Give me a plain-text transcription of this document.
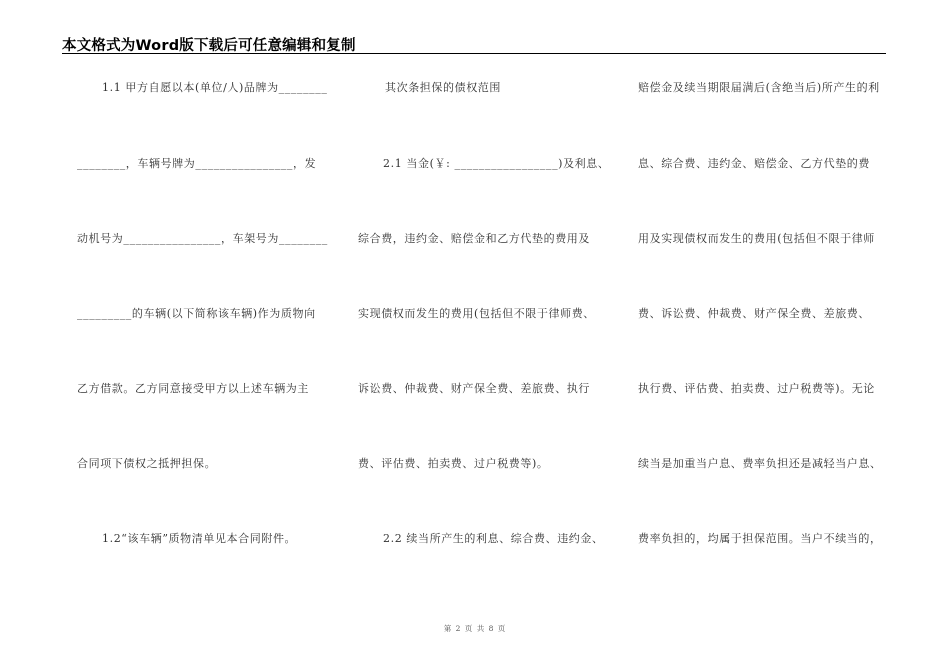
本文格式为Word版下载后可任意编辑和复制
1.1 甲方自愿以本(单位/人)品牌为________
________，车辆号牌为________________，发
动机号为________________，车架号为________
_________的车辆(以下简称该车辆)作为质物向
乙方借款。乙方同意接受甲方以上述车辆为主
合同项下债权之抵押担保。
1.2“该车辆”质物清单见本合同附件。
其次条担保的债权范围
2.1 当金(￥: _________________)及利息、
综合费，违约金、赔偿金和乙方代垫的费用及
实现债权而发生的费用(包括但不限于律师费、
诉讼费、仲裁费、财产保全费、差旅费、执行
费、评估费、拍卖费、过户税费等)。
2.2 续当所产生的利息、综合费、违约金、
赔偿金及续当期限届满后(含绝当后)所产生的利
息、综合费、违约金、赔偿金、乙方代垫的费
用及实现债权而发生的费用(包括但不限于律师
费、诉讼费、仲裁费、财产保全费、差旅费、
执行费、评估费、拍卖费、过户税费等)。无论
续当是加重当户息、费率负担还是减轻当户息、
费率负担的，均属于担保范围。当户不续当的，
第 2 页 共 8 页
